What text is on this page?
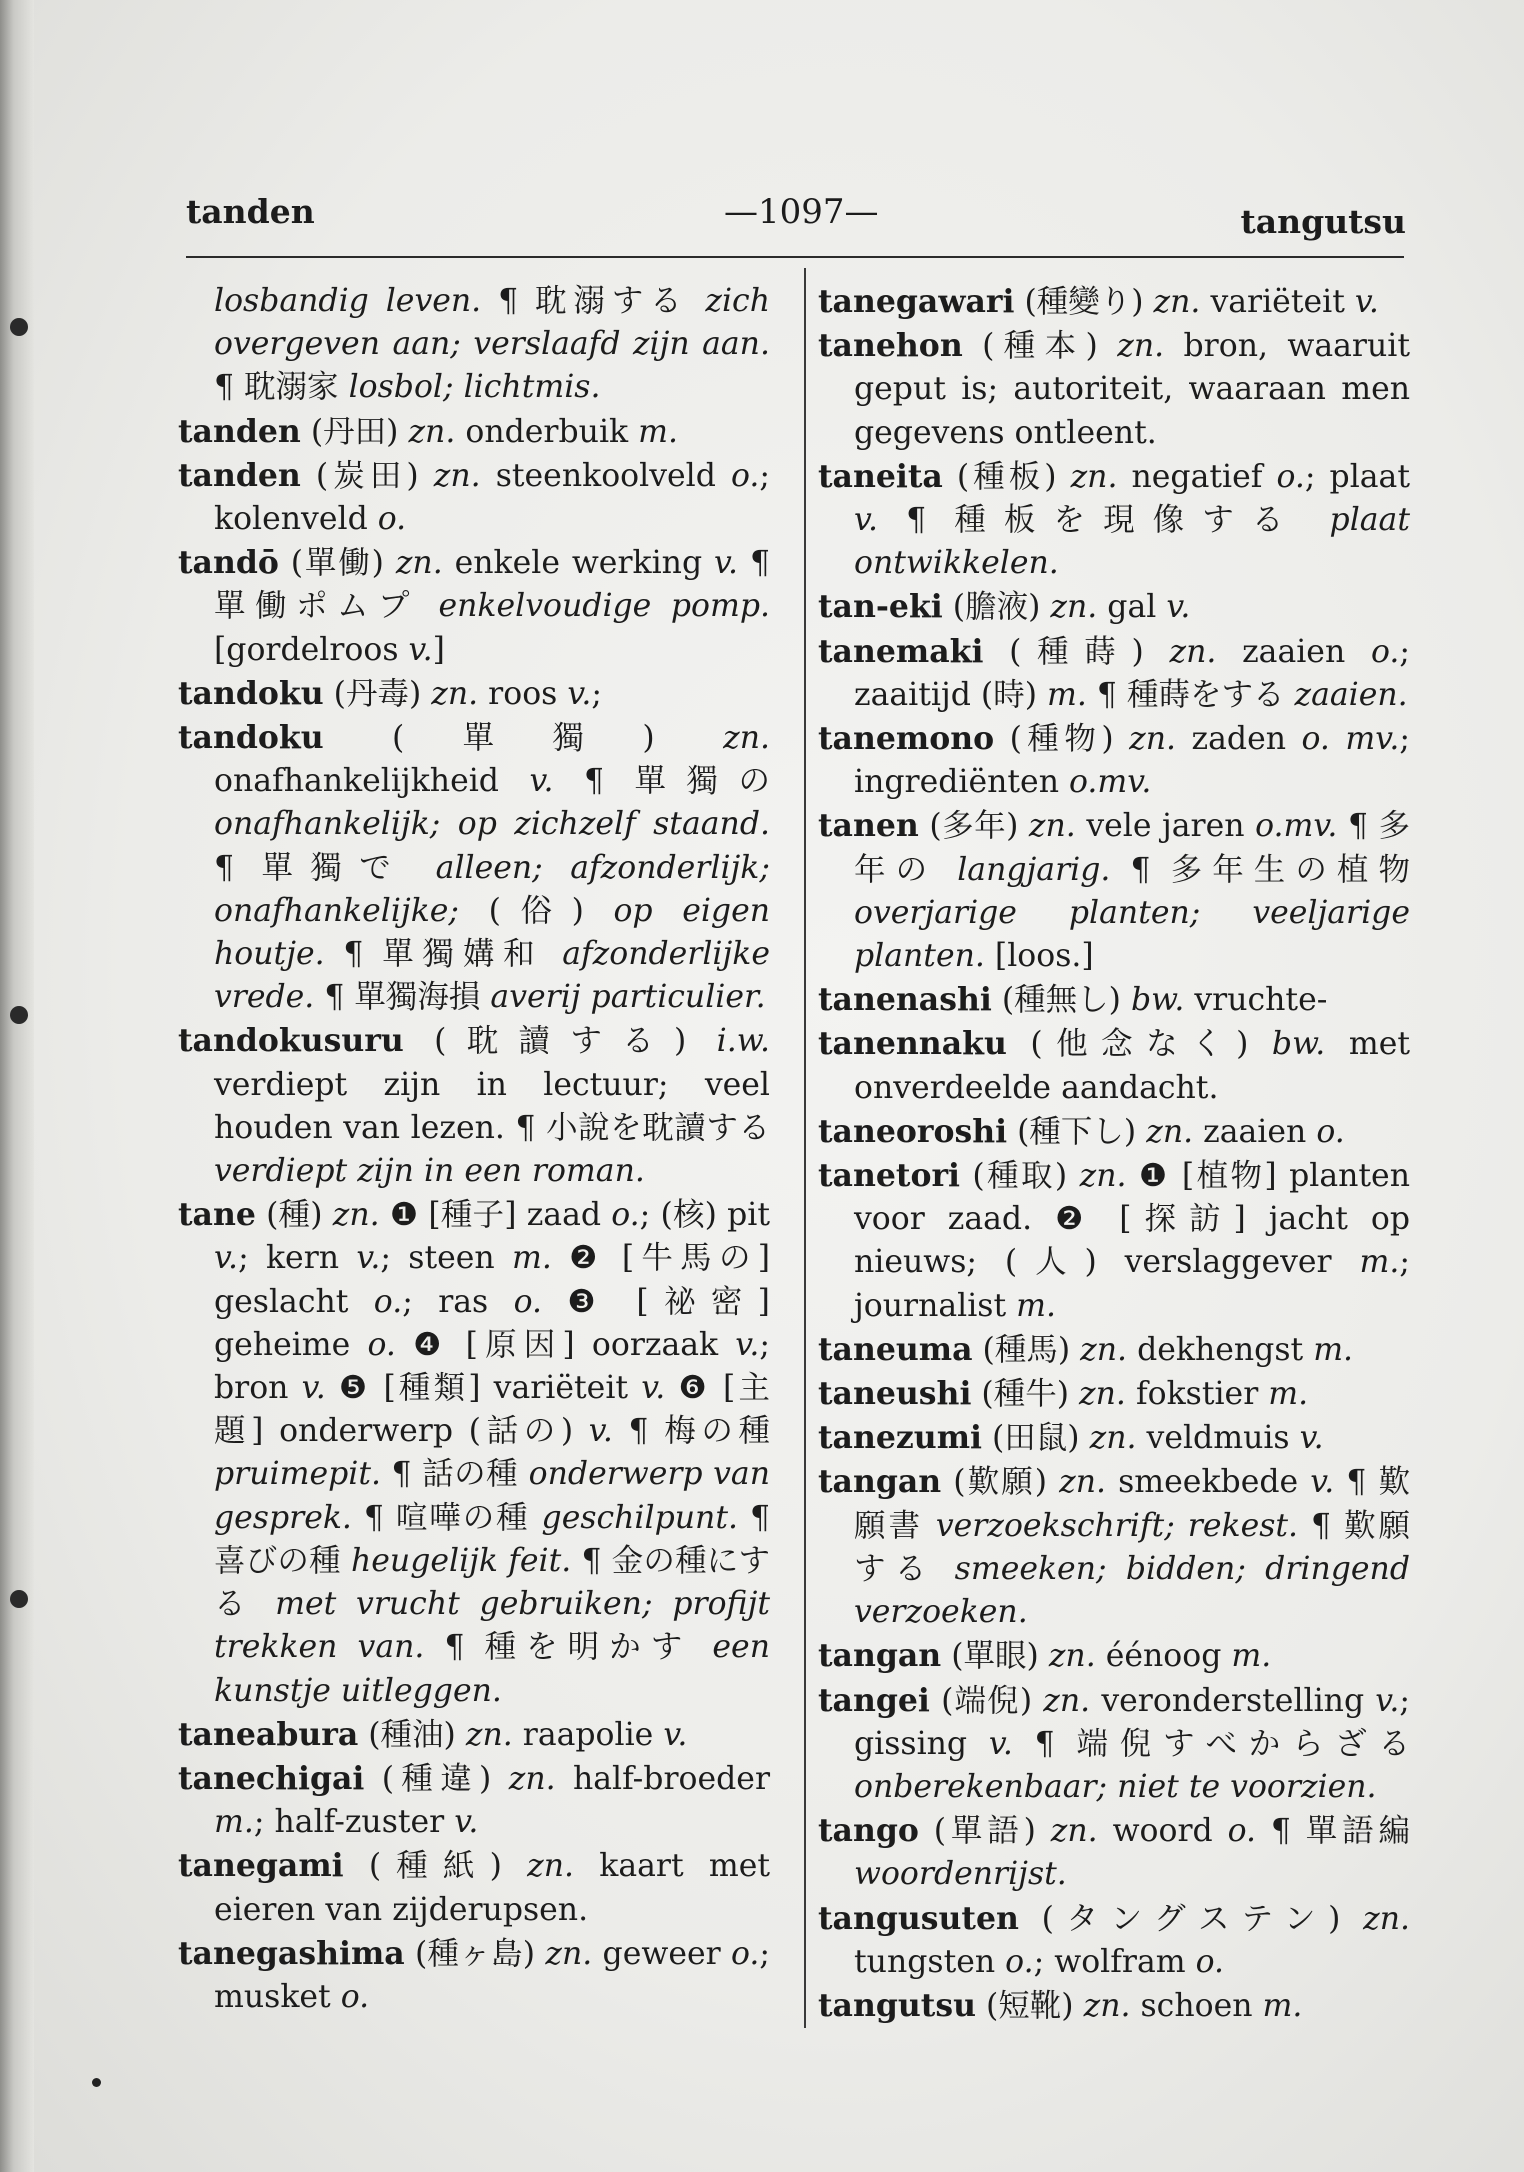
tanden	—1097—	tangutsu
losbandig leven. ¶ 耽溺する zich overgeven aan; verslaafd zijn aan. ¶ 耽溺家 losbol; lichtmis.
tanden (丹田) zn. onderbuik m.
tanden (炭田) zn. steenkoolveld o.; kolenveld o.
tandō (單働) zn. enkele werking v. ¶ 單働ポムプ enkelvoudige pomp. [gordelroos v.]
tandoku (丹毒) zn. roos v.;
tandoku (單獨) zn. onafhankelijkheid v. ¶ 單獨の onafhankelijk; op zichzelf staand. ¶ 單獨で alleen; afzonderlijk; onafhankelijke; (俗) op eigen houtje. ¶ 單獨媾和 afzonderlijke vrede. ¶ 單獨海損 averij particulier.
tandokusuru (耽讀する) i.w. verdiept zijn in lectuur; veel houden van lezen. ¶ 小說を耽讀する verdiept zijn in een roman.
tane (種) zn. ❶ [種子] zaad o.; (核) pit v.; kern v.; steen m. ❷ [牛馬の] geslacht o.; ras o. ❸ [祕密] geheime o. ❹ [原因] oorzaak v.; bron v. ❺ [種類] variëteit v. ❻ [主題] onderwerp (話の) v. ¶ 梅の種 pruimepit. ¶ 話の種 onderwerp van gesprek. ¶ 喧嘩の種 geschilpunt. ¶ 喜びの種 heugelijk feit. ¶ 金の種にする met vrucht gebruiken; profijt trekken van. ¶ 種を明かす een kunstje uitleggen.
taneabura (種油) zn. raapolie v.
tanechigai (種違) zn. half-broeder m.; half-zuster v.
tanegami (種紙) zn. kaart met eieren van zijderupsen.
tanegashima (種ヶ島) zn. geweer o.; musket o.
tanegawari (種變り) zn. variëteit v.
tanehon (種本) zn. bron, waaruit geput is; autoriteit, waaraan men gegevens ontleent.
taneita (種板) zn. negatief o.; plaat v. ¶ 種板を現像する plaat ontwikkelen.
tan-eki (膽液) zn. gal v.
tanemaki (種蒔) zn. zaaien o.; zaaitijd (時) m. ¶ 種蒔をする zaaien.
tanemono (種物) zn. zaden o. mv.; ingrediënten o.mv.
tanen (多年) zn. vele jaren o.mv. ¶ 多年の langjarig. ¶ 多年生の植物 overjarige planten; veeljarige planten. [loos.]
tanenashi (種無し) bw. vruchte-
tanennaku (他念なく) bw. met onverdeelde aandacht.
taneoroshi (種下し) zn. zaaien o.
tanetori (種取) zn. ❶ [植物] planten voor zaad. ❷ [探訪] jacht op nieuws; (人) verslaggever m.; journalist m.
taneuma (種馬) zn. dekhengst m.
taneushi (種牛) zn. fokstier m.
tanezumi (田鼠) zn. veldmuis v.
tangan (歎願) zn. smeekbede v. ¶ 歎願書 verzoekschrift; rekest. ¶ 歎願する smeeken; bidden; dringend verzoeken.
tangan (單眼) zn. éénoog m.
tangei (端倪) zn. veronderstelling v.; gissing v. ¶ 端倪すべからざる onberekenbaar; niet te voorzien.
tango (單語) zn. woord o. ¶ 單語編 woordenrijst.
tangusuten (タングステン) zn. tungsten o.; wolfram o.
tangutsu (短靴) zn. schoen m.
